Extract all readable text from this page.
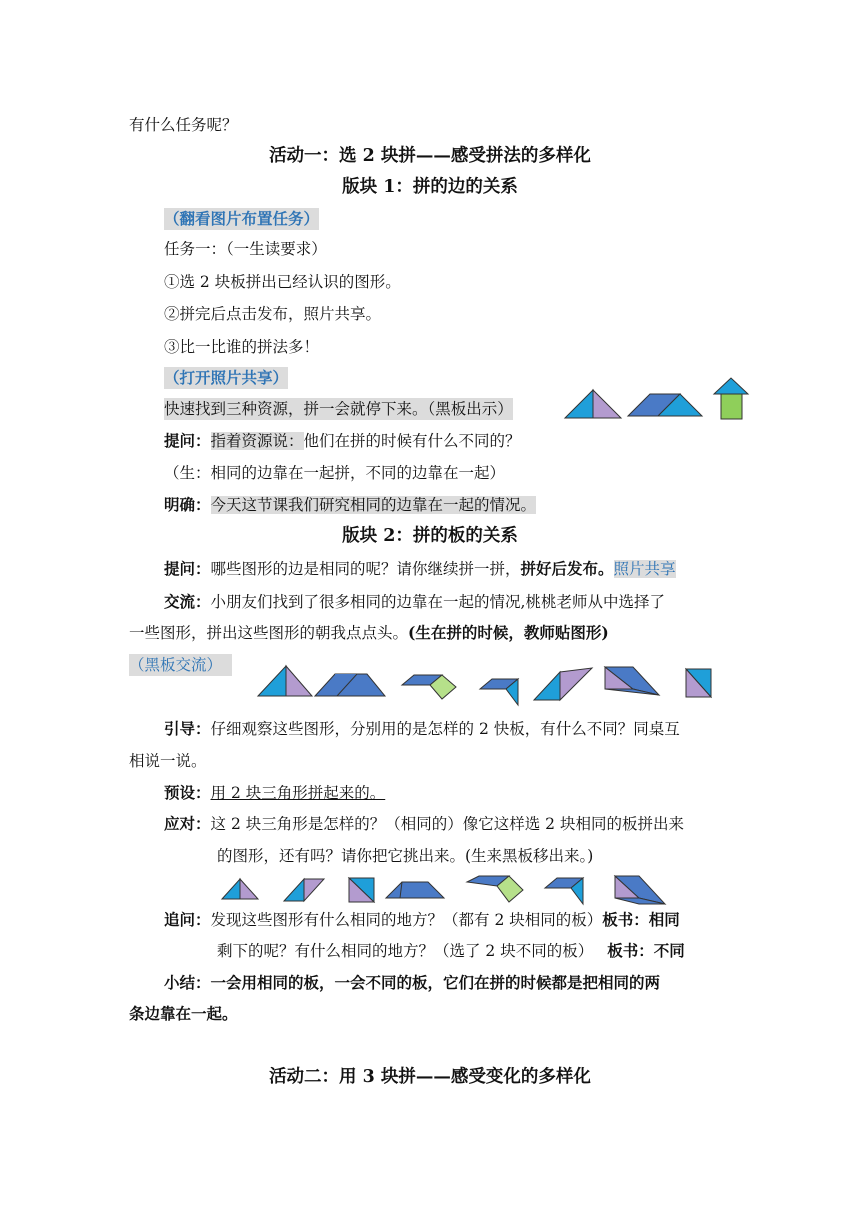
有什么任务呢？
活动一：选 2 块拼——感受拼法的多样化
版块 1：拼的边的关系
（翻看图片布置任务）
任务一：（一生读要求）
①选 2 块板拼出已经认识的图形。
②拼完后点击发布，照片共享。
③比一比谁的拼法多！
（打开照片共享）
快速找到三种资源，拼一会就停下来。（黑板出示）
提问：指着资源说：他们在拼的时候有什么不同的？
（生：相同的边靠在一起拼，不同的边靠在一起）
明确：今天这节课我们研究相同的边靠在一起的情况。
版块 2：拼的板的关系
提问：哪些图形的边是相同的呢？请你继续拼一拼，拼好后发布。照片共享
交流：小朋友们找到了很多相同的边靠在一起的情况,桃桃老师从中选择了
一些图形，拼出这些图形的朝我点点头。(生在拼的时候，教师贴图形)
（黑板交流）
引导：仔细观察这些图形，分别用的是怎样的 2 快板，有什么不同？同桌互
相说一说。
预设：用 2 块三角形拼起来的。
应对：这 2 块三角形是怎样的？（相同的）像它这样选 2 块相同的板拼出来
的图形，还有吗？请你把它挑出来。(生来黑板移出来。)
追问：发现这些图形有什么相同的地方？（都有 2 块相同的板）板书：相同
剩下的呢？有什么相同的地方？（选了 2 块不同的板） 板书：不同
小结：一会用相同的板，一会不同的板，它们在拼的时候都是把相同的两
条边靠在一起。
活动二：用 3 块拼——感受变化的多样化
